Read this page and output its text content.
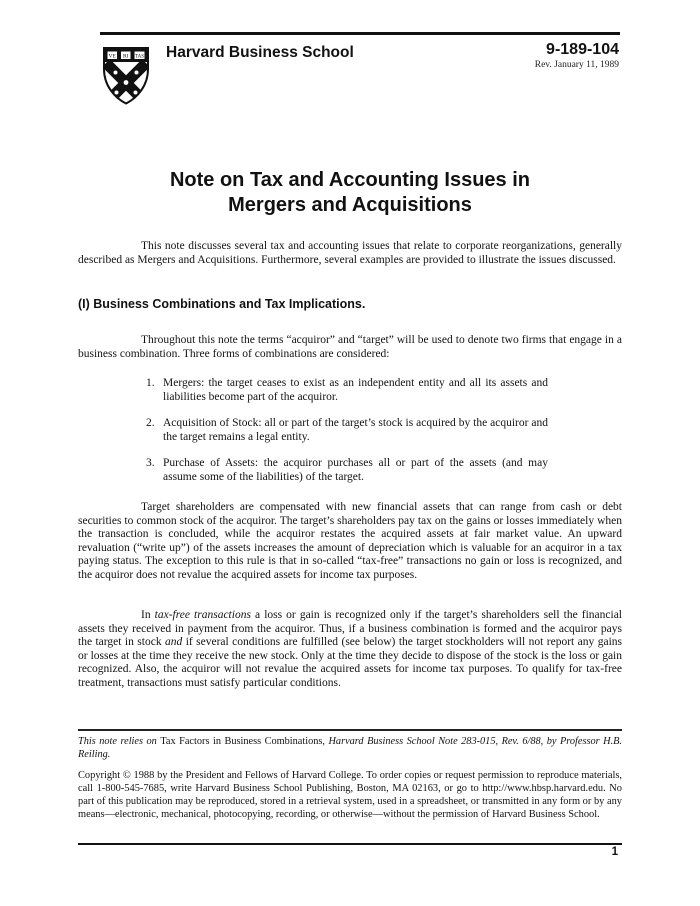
VE RI TAS Harvard Business School	9-189-104
Rev. January 11, 1989
Note on Tax and Accounting Issues in
Mergers and Acquisitions

This note discusses several tax and accounting issues that relate to corporate reorganizations, generally described as Mergers and Acquisitions. Furthermore, several examples are provided to illustrate the issues discussed.

(I) Business Combinations and Tax Implications.

Throughout this note the terms “acquiror” and “target” will be used to denote two firms that engage in a business combination. Three forms of combinations are considered:

1. Mergers: the target ceases to exist as an independent entity and all its assets and liabilities become part of the acquiror.
2. Acquisition of Stock: all or part of the target’s stock is acquired by the acquiror and the target remains a legal entity.
3. Purchase of Assets: the acquiror purchases all or part of the assets (and may assume some of the liabilities) of the target.

Target shareholders are compensated with new financial assets that can range from cash or debt securities to common stock of the acquiror. The target’s shareholders pay tax on the gains or losses immediately when the transaction is concluded, while the acquiror restates the acquired assets at fair market value. An upward revaluation (“write up”) of the assets increases the amount of depreciation which is valuable for an acquiror in a tax paying status. The exception to this rule is that in so-called “tax-free” transactions no gain or loss is recognized, and the acquiror does not revalue the acquired assets for income tax purposes.

In tax-free transactions a loss or gain is recognized only if the target’s shareholders sell the financial assets they received in payment from the acquiror. Thus, if a business combination is formed and the acquiror pays the target in stock and if several conditions are fulfilled (see below) the target stockholders will not report any gains or losses at the time they receive the new stock. Only at the time they decide to dispose of the stock is the loss or gain recognized. Also, the acquiror will not revalue the acquired assets for income tax purposes. To qualify for tax-free treatment, transactions must satisfy particular conditions.

This note relies on Tax Factors in Business Combinations, Harvard Business School Note 283-015, Rev. 6/88, by Professor H.B. Reiling.

Copyright © 1988 by the President and Fellows of Harvard College. To order copies or request permission to reproduce materials, call 1-800-545-7685, write Harvard Business School Publishing, Boston, MA 02163, or go to http://www.hbsp.harvard.edu. No part of this publication may be reproduced, stored in a retrieval system, used in a spreadsheet, or transmitted in any form or by any means—electronic, mechanical, photocopying, recording, or otherwise—without the permission of Harvard Business School.

1
